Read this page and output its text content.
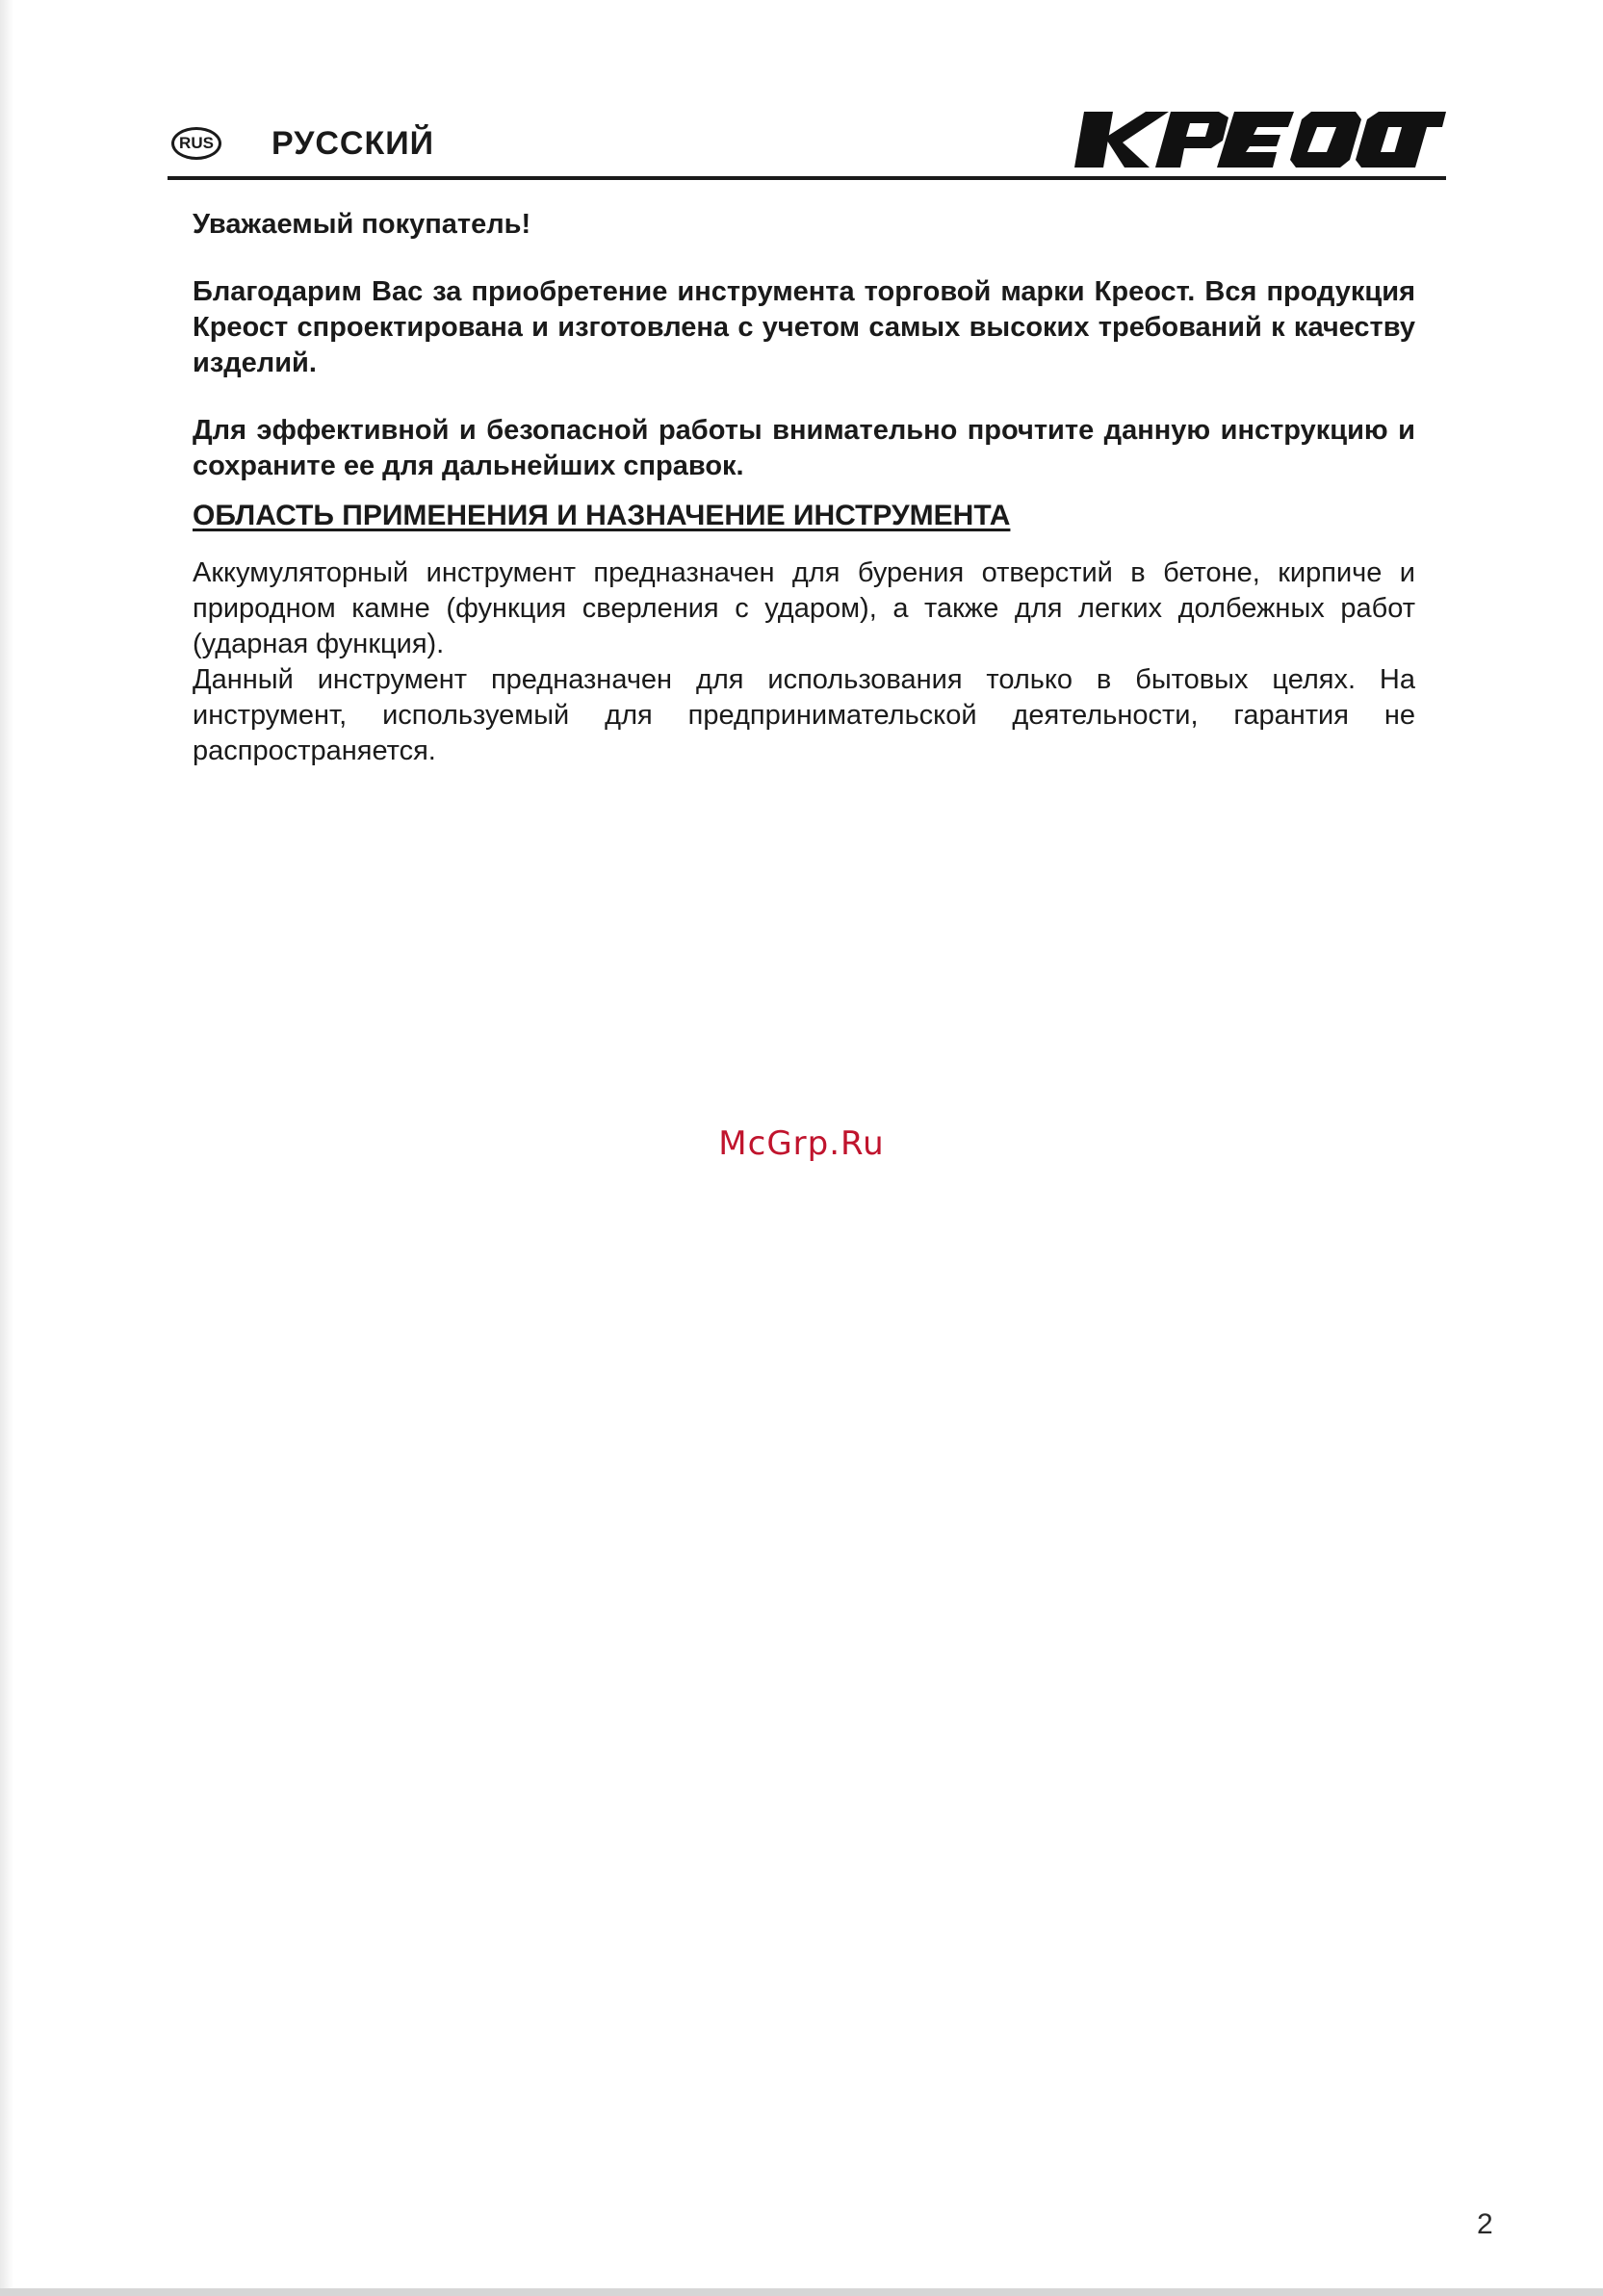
RUS РУССКИЙ

Уважаемый покупатель!

Благодарим Вас за приобретение инструмента торговой марки Креост. Вся продукция Креост спроектирована и изготовлена с учетом самых высоких требований к качеству изделий.

Для эффективной и безопасной работы внимательно прочтите данную инструкцию и сохраните ее для дальнейших справок.

ОБЛАСТЬ ПРИМЕНЕНИЯ И НАЗНАЧЕНИЕ ИНСТРУМЕНТА

Аккумуляторный инструмент предназначен для бурения отверстий в бетоне, кирпиче и природном камне (функция сверления с ударом), а также для легких долбежных работ (ударная функция).

Данный инструмент предназначен для использования только в бытовых целях. На инструмент, используемый для предпринимательской деятельности, гарантия не распространяется.

McGrp.Ru
2
